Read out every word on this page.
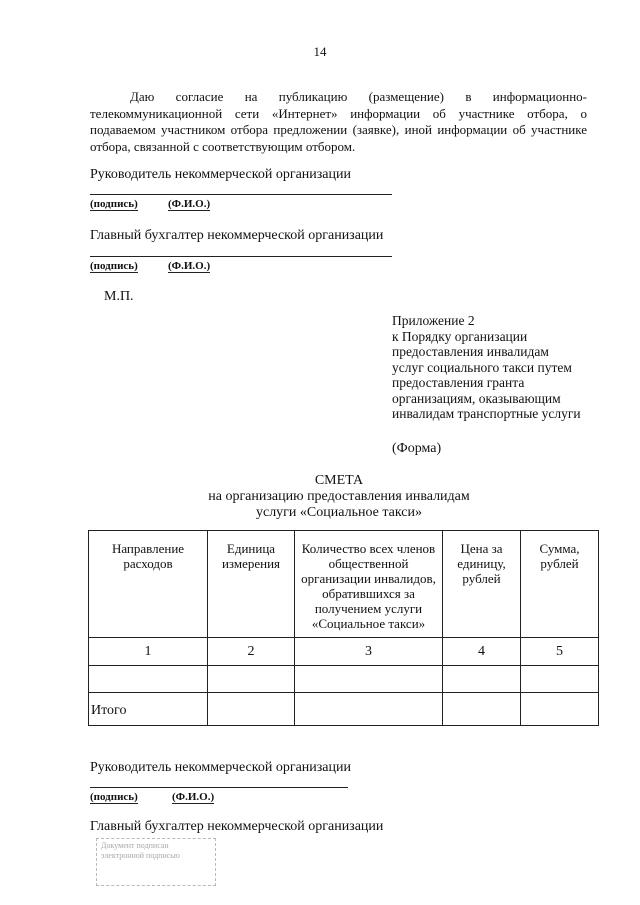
14
Даю согласие на публикацию (размещение) в информационно-телекоммуникационной сети «Интернет» информации об участнике отбора, о подаваемом участником отбора предложении (заявке), иной информации об участнике отбора, связанной с соответствующим отбором.
Руководитель некоммерческой организации
(подпись)	(Ф.И.О.)
Главный бухгалтер некоммерческой организации
(подпись)	(Ф.И.О.)
М.П.
Приложение 2
к Порядку организации
предоставления инвалидам
услуг социального такси путем
предоставления гранта
организациям, оказывающим
инвалидам транспортные услуги
(Форма)
СМЕТА
на организацию предоставления инвалидам
услуги «Социальное такси»
Направление расходов	Единица измерения	Количество всех членов общественной организации инвалидов, обратившихся за получением услуги «Социальное такси»	Цена за единицу, рублей	Сумма, рублей
1	2	3	4	5

Итого				
Руководитель некоммерческой организации
(подпись)	(Ф.И.О.)
Главный бухгалтер некоммерческой организации
Документ подписан электронной подписью
